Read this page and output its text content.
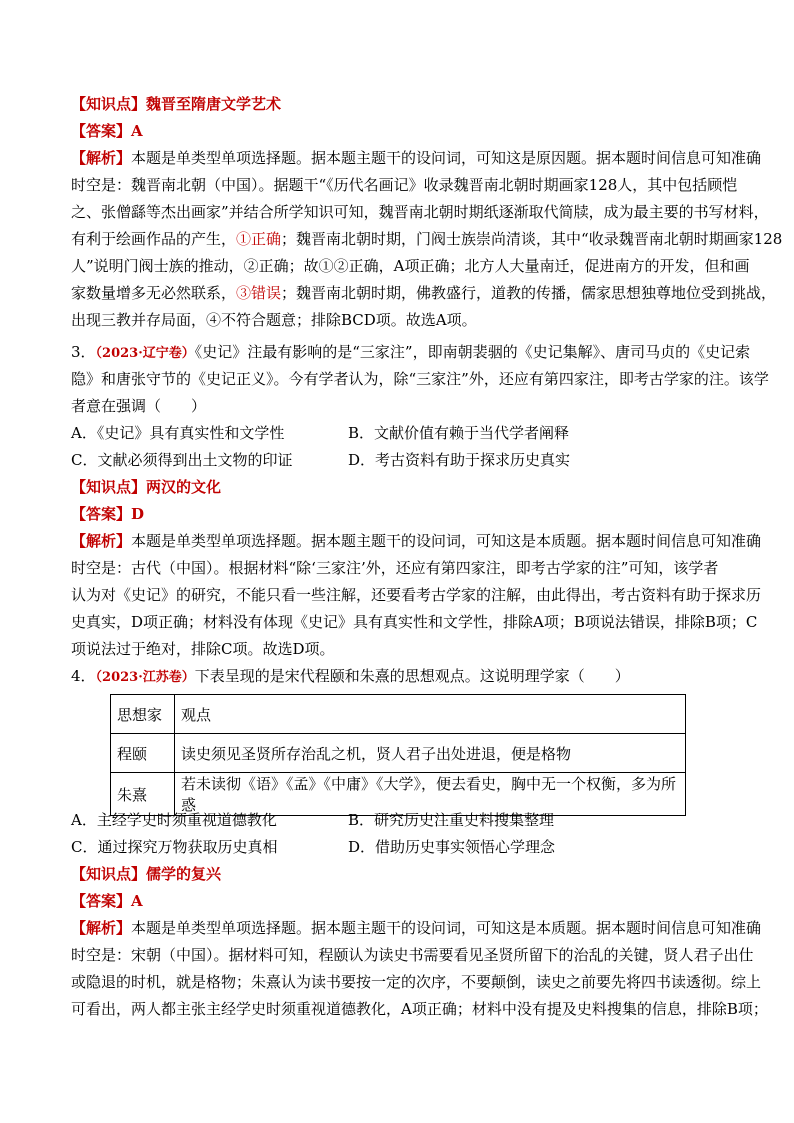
【知识点】魏晋至隋唐文学艺术
【答案】A
【解析】本题是单类型单项选择题。据本题主题干的设问词，可知这是原因题。据本题时间信息可知准确
时空是：魏晋南北朝（中国）。据题干“《历代名画记》收录魏晋南北朝时期画家128人，其中包括顾恺
之、张僧繇等杰出画家”并结合所学知识可知，魏晋南北朝时期纸逐渐取代简牍，成为最主要的书写材料，
有利于绘画作品的产生，①正确；魏晋南北朝时期，门阀士族崇尚清谈，其中“收录魏晋南北朝时期画家128
人”说明门阀士族的推动，②正确；故①②正确，A项正确；北方人大量南迁，促进南方的开发，但和画
家数量增多无必然联系，③错误；魏晋南北朝时期，佛教盛行，道教的传播，儒家思想独尊地位受到挑战，
出现三教并存局面，④不符合题意；排除BCD项。故选A项。
3．（2023·辽宁卷）《史记》注最有影响的是“三家注”，即南朝裴骃的《史记集解》、唐司马贞的《史记索
隐》和唐张守节的《史记正义》。今有学者认为，除“三家注”外，还应有第四家注，即考古学家的注。该学
者意在强调（　　）
A．《史记》具有真实性和文学性	B．文献价值有赖于当代学者阐释
C．文献必须得到出土文物的印证	D．考古资料有助于探求历史真实
【知识点】两汉的文化
【答案】D
【解析】本题是单类型单项选择题。据本题主题干的设问词，可知这是本质题。据本题时间信息可知准确
时空是：古代（中国）。根据材料“除‘三家注’外，还应有第四家注，即考古学家的注”可知，该学者
认为对《史记》的研究，不能只看一些注解，还要看考古学家的注解，由此得出，考古资料有助于探求历
史真实，D项正确；材料没有体现《史记》具有真实性和文学性，排除A项；B项说法错误，排除B项；C
项说法过于绝对，排除C项。故选D项。
4．（2023·江苏卷）下表呈现的是宋代程颐和朱熹的思想观点。这说明理学家（　　）
思想家	观点
程颐	读史须见圣贤所存治乱之机，贤人君子出处进退，便是格物
朱熹	若未读彻《语》《孟》《中庸》《大学》，便去看史，胸中无一个权衡，多为所惑
A．主经学史时须重视道德教化	B．研究历史注重史料搜集整理
C．通过探究万物获取历史真相	D．借助历史事实领悟心学理念
【知识点】儒学的复兴
【答案】A
【解析】本题是单类型单项选择题。据本题主题干的设问词，可知这是本质题。据本题时间信息可知准确
时空是：宋朝（中国）。据材料可知，程颐认为读史书需要看见圣贤所留下的治乱的关键，贤人君子出仕
或隐退的时机，就是格物；朱熹认为读书要按一定的次序，不要颠倒，读史之前要先将四书读透彻。综上
可看出，两人都主张主经学史时须重视道德教化，A项正确；材料中没有提及史料搜集的信息，排除B项；
